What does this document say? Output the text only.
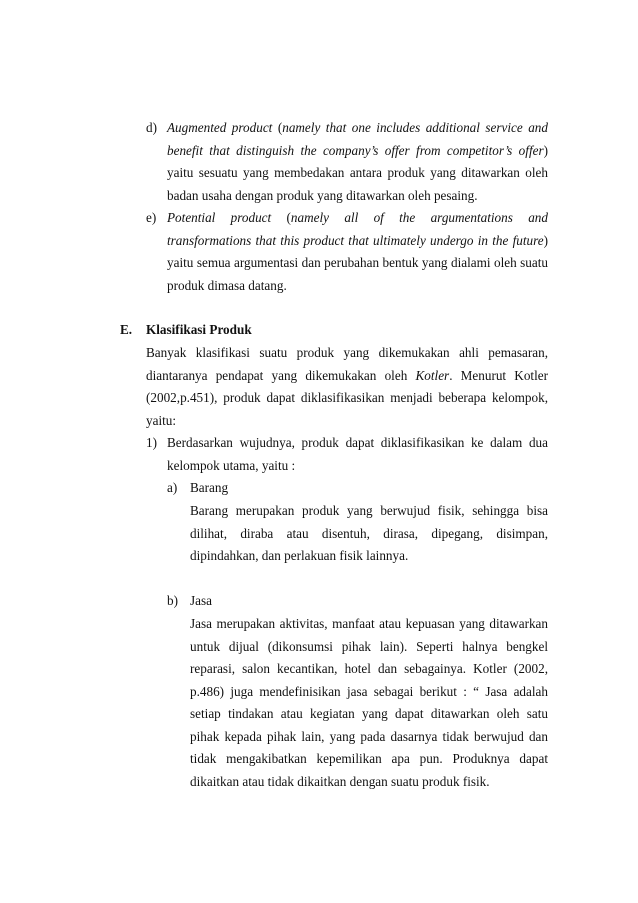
d) Augmented product (namely that one includes additional service and benefit that distinguish the company’s offer from competitor’s offer) yaitu sesuatu yang membedakan antara produk yang ditawarkan oleh badan usaha dengan produk yang ditawarkan oleh pesaing.

e) Potential product (namely all of the argumentations and transformations that this product that ultimately undergo in the future) yaitu semua argumentasi dan perubahan bentuk yang dialami oleh suatu produk dimasa datang.

E. Klasifikasi Produk

Banyak klasifikasi suatu produk yang dikemukakan ahli pemasaran, diantaranya pendapat yang dikemukakan oleh Kotler. Menurut Kotler (2002,p.451), produk dapat diklasifikasikan menjadi beberapa kelompok, yaitu:

1) Berdasarkan wujudnya, produk dapat diklasifikasikan ke dalam dua kelompok utama, yaitu :

a) Barang

Barang merupakan produk yang berwujud fisik, sehingga bisa dilihat, diraba atau disentuh, dirasa, dipegang, disimpan, dipindahkan, dan perlakuan fisik lainnya.

b) Jasa

Jasa merupakan aktivitas, manfaat atau kepuasan yang ditawarkan untuk dijual (dikonsumsi pihak lain). Seperti halnya bengkel reparasi, salon kecantikan, hotel dan sebagainya. Kotler (2002, p.486) juga mendefinisikan jasa sebagai berikut : “ Jasa adalah setiap tindakan atau kegiatan yang dapat ditawarkan oleh satu pihak kepada pihak lain, yang pada dasarnya tidak berwujud dan tidak mengakibatkan kepemilikan apa pun. Produknya dapat dikaitkan atau tidak dikaitkan dengan suatu produk fisik.
